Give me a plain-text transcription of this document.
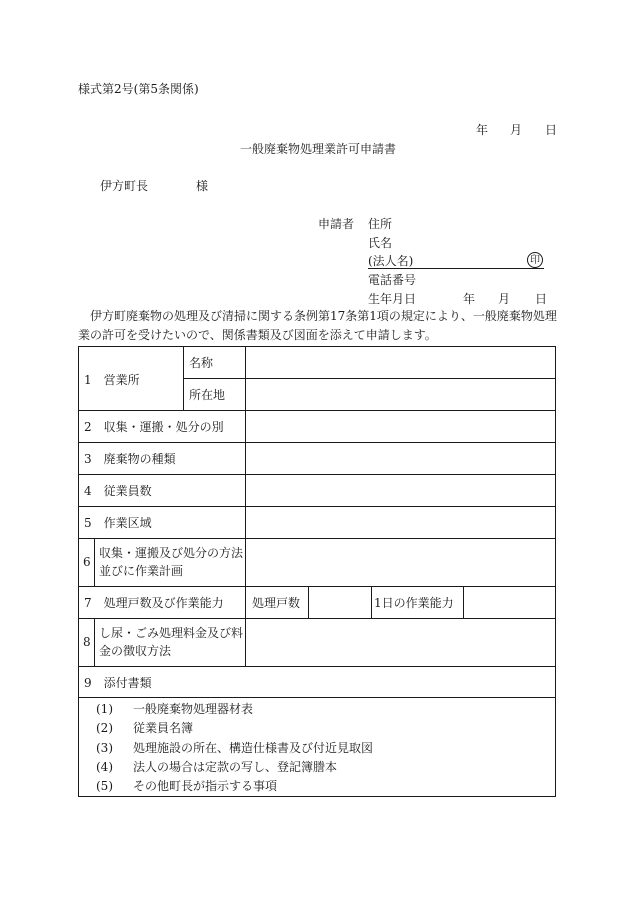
様式第2号(第5条関係)
年 月 日
一般廃棄物処理業許可申請書
伊方町長	様
申請者 住所
氏名
(法人名)	印
電話番号
生年月日	年 月 日
伊方町廃棄物の処理及び清掃に関する条例第17条第1項の規定により、一般廃棄物処理業の許可を受けたいので、関係書類及び図面を添えて申請します。
1　営業所
名称
所在地
2　収集・運搬・処分の別
3　廃棄物の種類
4　従業員数
5　作業区域
6
収集・運搬及び処分の方法
並びに作業計画
7　処理戸数及び作業能力 処理戸数	1日の作業能力
8
し尿・ごみ処理料金及び料
金の徴収方法
9　添付書類
(1) 一般廃棄物処理器材表
(2) 従業員名簿
(3) 処理施設の所在、構造仕様書及び付近見取図
(4) 法人の場合は定款の写し、登記簿謄本
(5) その他町長が指示する事項
